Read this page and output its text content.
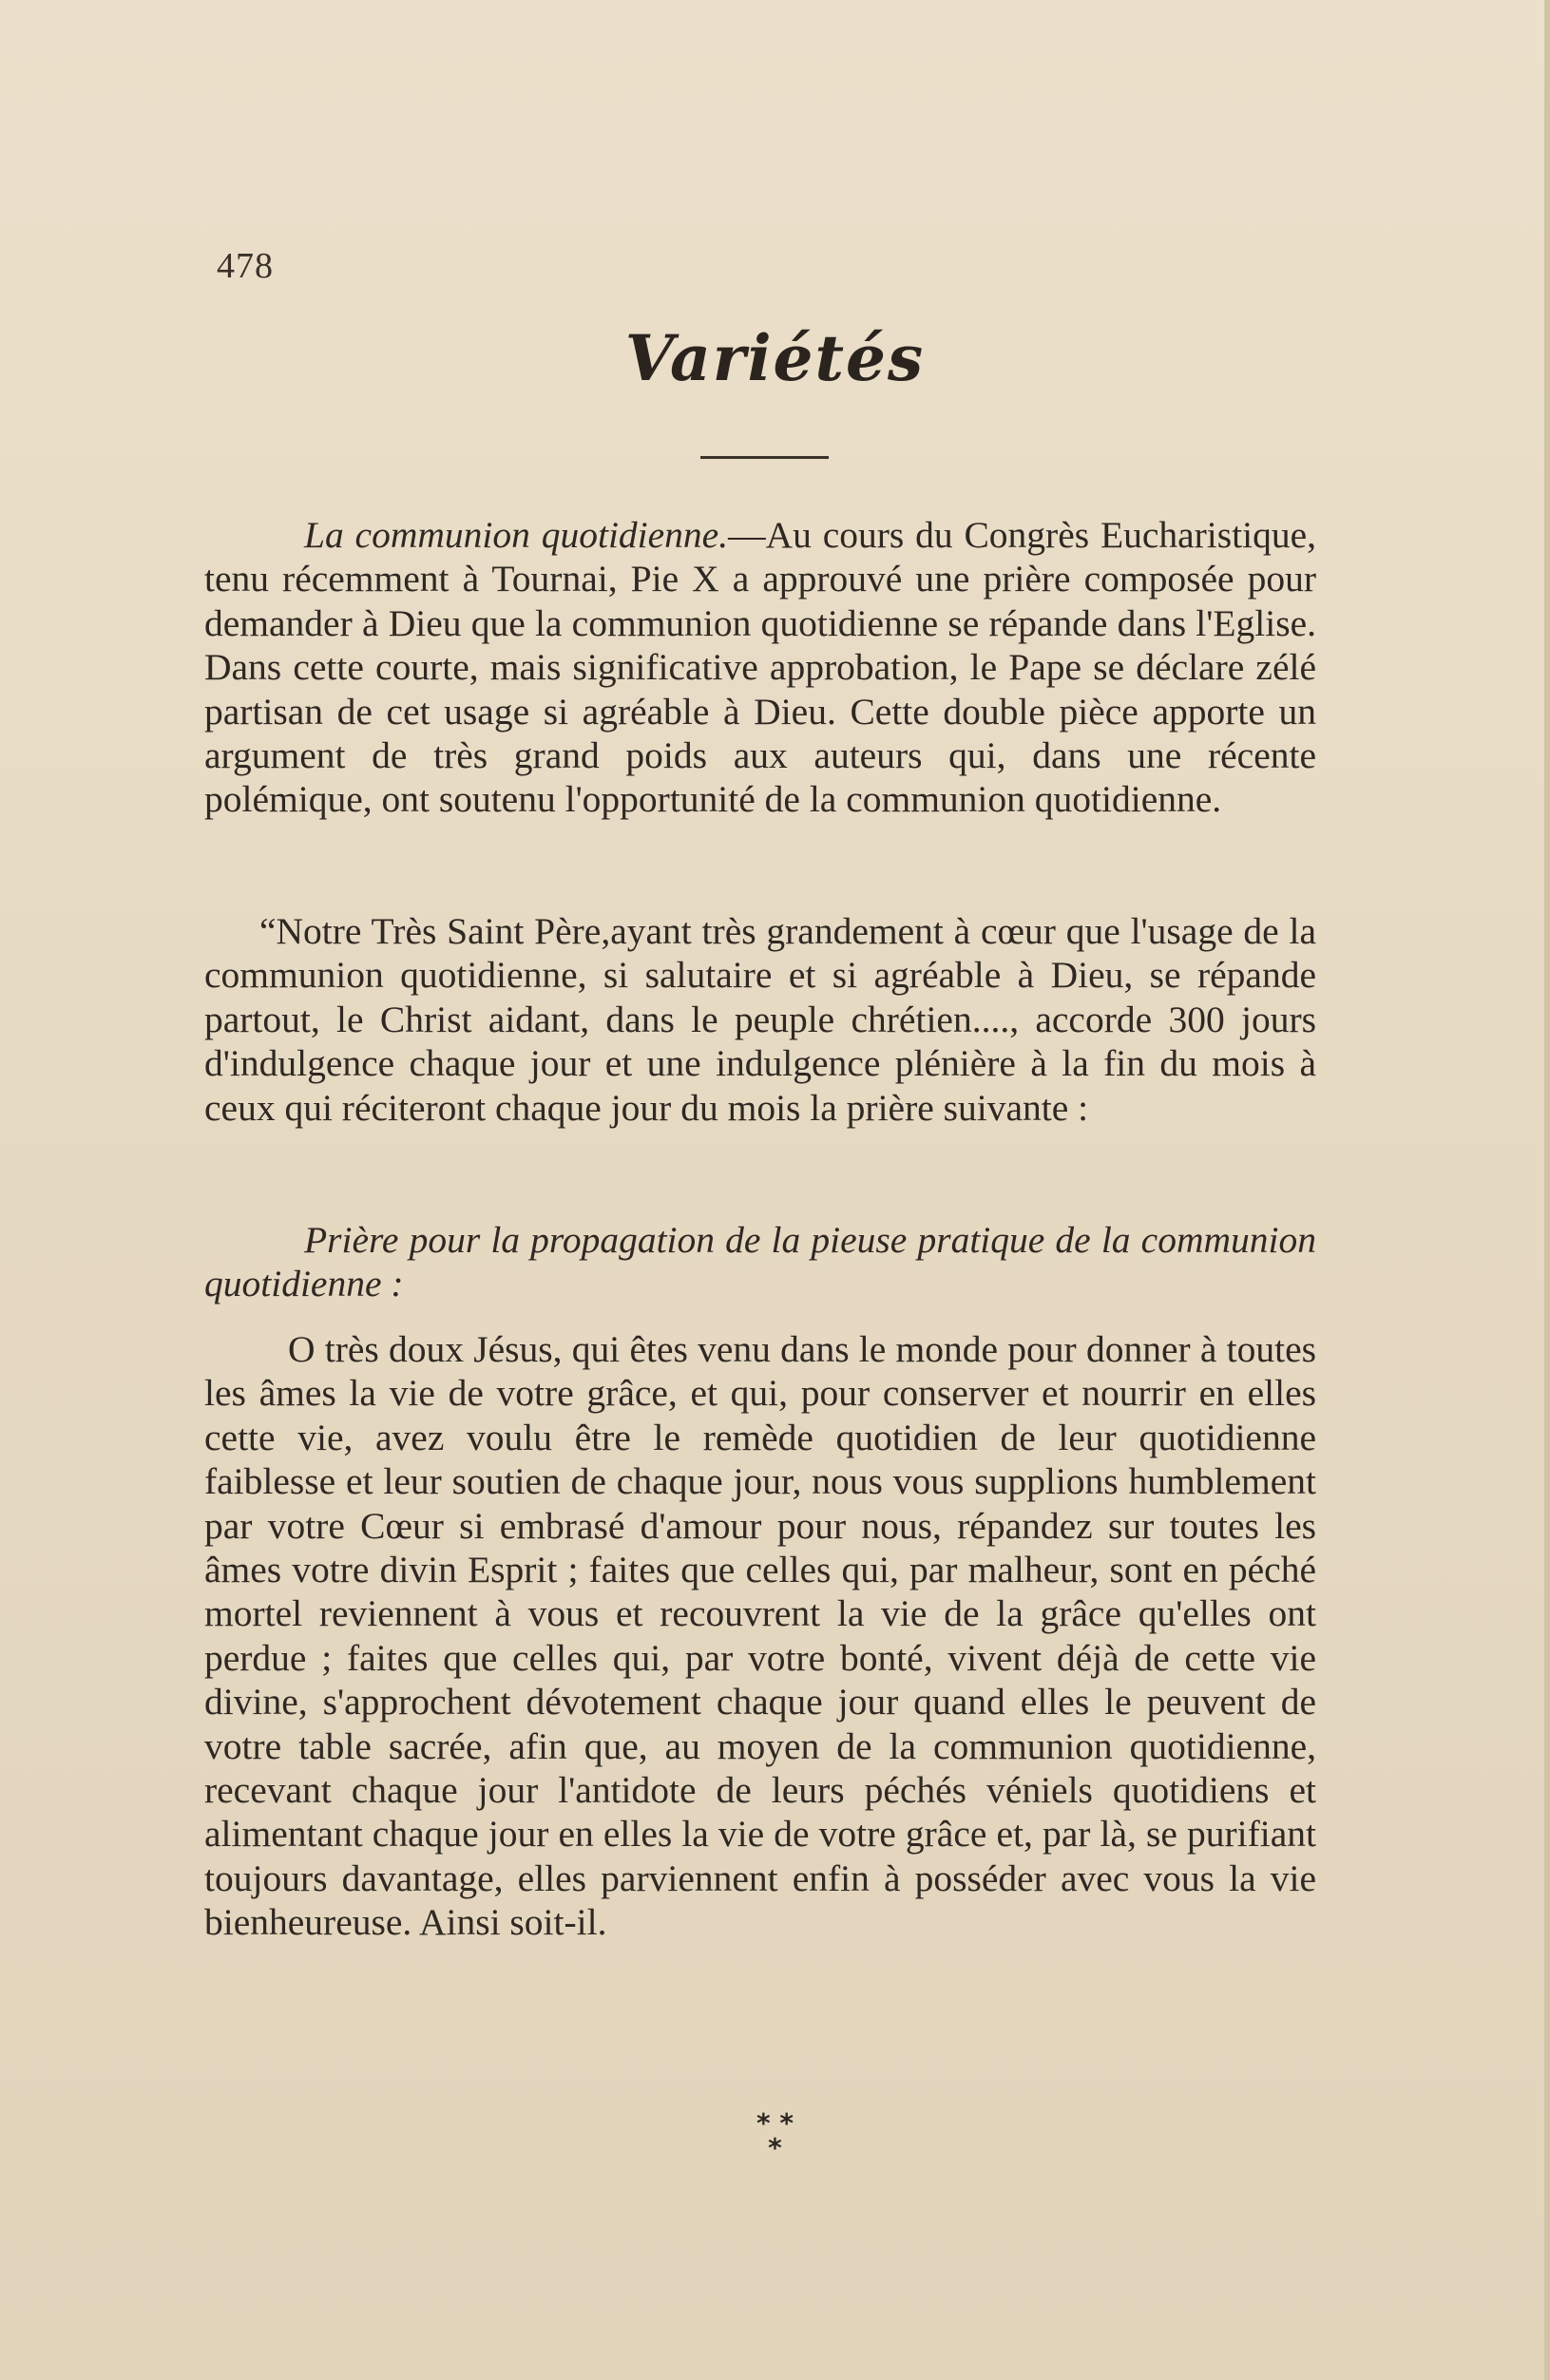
478
Variétés

La communion quotidienne.—Au cours du Congrès Eucharistique, tenu récemment à Tournai, Pie X a approuvé une prière composée pour demander à Dieu que la communion quotidienne se répande dans l'Eglise. Dans cette courte, mais significative approbation, le Pape se déclare zélé partisan de cet usage si agréable à Dieu. Cette double pièce apporte un argument de très grand poids aux auteurs qui, dans une récente polémique, ont soutenu l'opportunité de la communion quotidienne.

“Notre Très Saint Père,ayant très grandement à cœur que l'usage de la communion quotidienne, si salutaire et si agréable à Dieu, se répande partout, le Christ aidant, dans le peuple chrétien...., accorde 300 jours d'indulgence chaque jour et une indulgence plénière à la fin du mois à ceux qui réciteront chaque jour du mois la prière suivante :

Prière pour la propagation de la pieuse pratique de la communion quotidienne :

O très doux Jésus, qui êtes venu dans le monde pour donner à toutes les âmes la vie de votre grâce, et qui, pour conserver et nourrir en elles cette vie, avez voulu être le remède quotidien de leur quotidienne faiblesse et leur soutien de chaque jour, nous vous supplions humblement par votre Cœur si embrasé d'amour pour nous, répandez sur toutes les âmes votre divin Esprit ; faites que celles qui, par malheur, sont en péché mortel reviennent à vous et recouvrent la vie de la grâce qu'elles ont perdue ; faites que celles qui, par votre bonté, vivent déjà de cette vie divine, s'approchent dévotement chaque jour quand elles le peuvent de votre table sacrée, afin que, au moyen de la communion quotidienne, recevant chaque jour l'antidote de leurs péchés véniels quotidiens et alimentant chaque jour en elles la vie de votre grâce et, par là, se purifiant toujours davantage, elles parviennent enfin à posséder avec vous la vie bienheureuse. Ainsi soit-il.

* *
*
